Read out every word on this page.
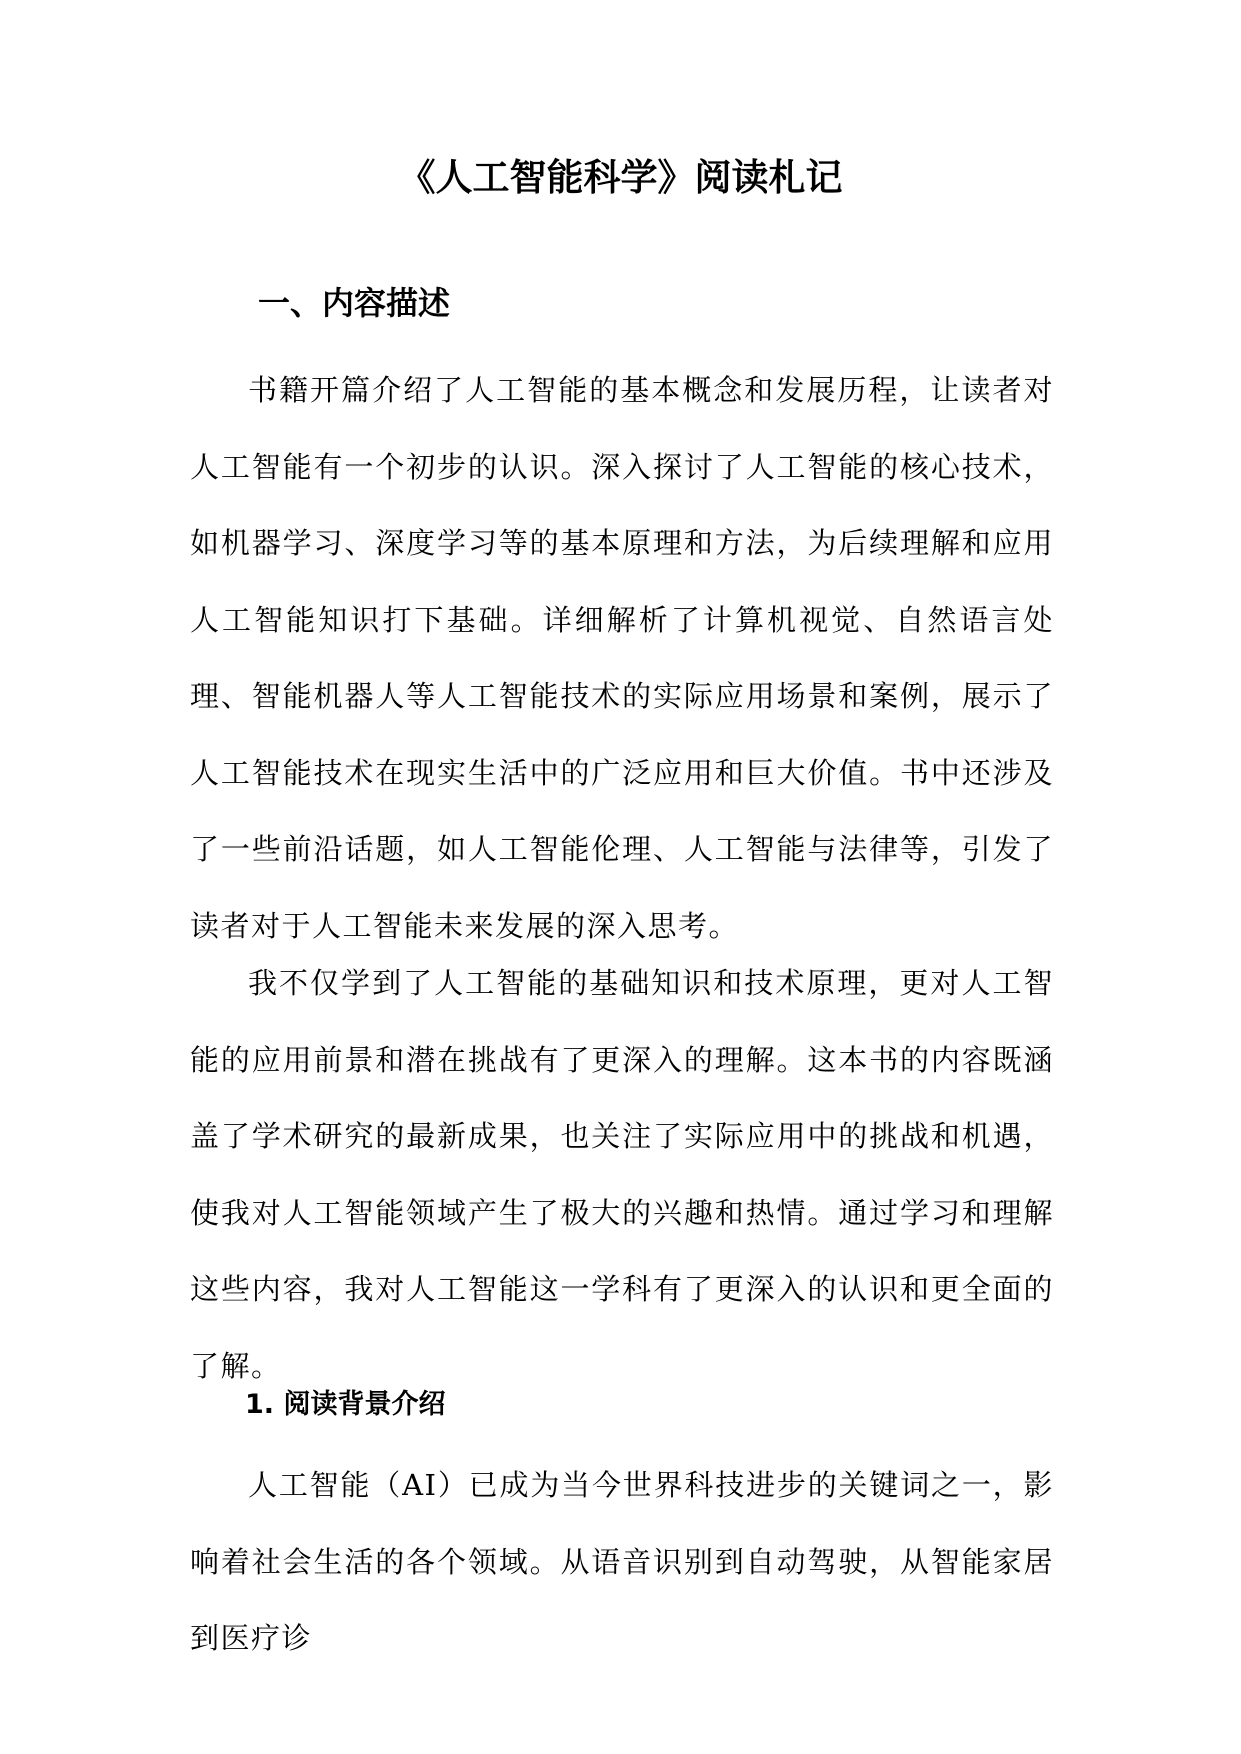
《人工智能科学》阅读札记
一、内容描述

书籍开篇介绍了人工智能的基本概念和发展历程，让读者对人工智能有一个初步的认识。深入探讨了人工智能的核心技术，如机器学习、深度学习等的基本原理和方法，为后续理解和应用人工智能知识打下基础。详细解析了计算机视觉、自然语言处理、智能机器人等人工智能技术的实际应用场景和案例，展示了人工智能技术在现实生活中的广泛应用和巨大价值。书中还涉及了一些前沿话题，如人工智能伦理、人工智能与法律等，引发了读者对于人工智能未来发展的深入思考。

我不仅学到了人工智能的基础知识和技术原理，更对人工智能的应用前景和潜在挑战有了更深入的理解。这本书的内容既涵盖了学术研究的最新成果，也关注了实际应用中的挑战和机遇，使我对人工智能领域产生了极大的兴趣和热情。通过学习和理解这些内容，我对人工智能这一学科有了更深入的认识和更全面的了解。

1. 阅读背景介绍

人工智能（AI）已成为当今世界科技进步的关键词之一，影响着社会生活的各个领域。从语音识别到自动驾驶，从智能家居到医疗诊
